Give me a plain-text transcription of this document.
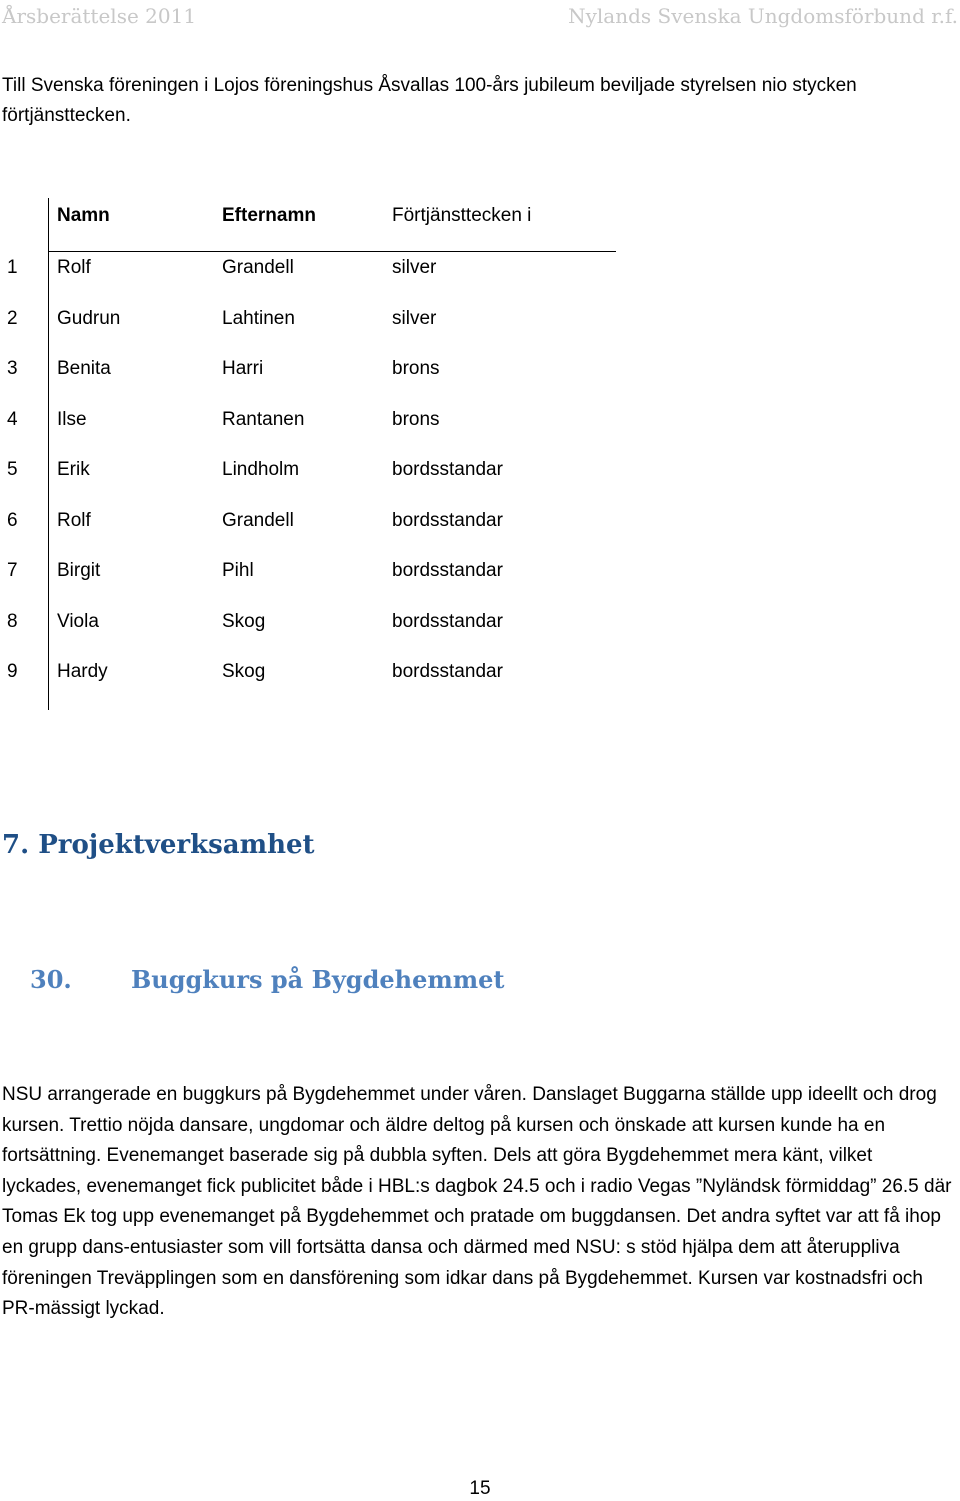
Årsberättelse 2011	Nylands Svenska Ungdomsförbund r.f.

Till Svenska föreningen i Lojos föreningshus Åsvallas 100-års jubileum beviljade styrelsen nio stycken förtjänsttecken.

Namn	Efternamn	Förtjänsttecken i
1 Rolf	Grandell	silver
2 Gudrun	Lahtinen	silver
3 Benita	Harri	brons
4 Ilse	Rantanen	brons
5 Erik	Lindholm	bordsstandar
6 Rolf	Grandell	bordsstandar
7 Birgit	Pihl	bordsstandar
8 Viola	Skog	bordsstandar
9 Hardy	Skog	bordsstandar
7. Projektverksamhet
30. Buggkurs på Bygdehemmet

NSU arrangerade en buggkurs på Bygdehemmet under våren. Danslaget Buggarna ställde upp ideellt och drog kursen. Trettio nöjda dansare, ungdomar och äldre deltog på kursen och önskade att kursen kunde ha en fortsättning. Evenemanget baserade sig på dubbla syften. Dels att göra Bygdehemmet mera känt, vilket lyckades, evenemanget fick publicitet både i HBL:s dagbok 24.5 och i radio Vegas ”Nyländsk förmiddag” 26.5 där Tomas Ek tog upp evenemanget på Bygdehemmet och pratade om buggdansen. Det andra syftet var att få ihop en grupp dans-entusiaster som vill fortsätta dansa och därmed med NSU: s stöd hjälpa dem att återuppliva föreningen Treväpplingen som en dansförening som idkar dans på Bygdehemmet. Kursen var kostnadsfri och PR-mässigt lyckad.

15
